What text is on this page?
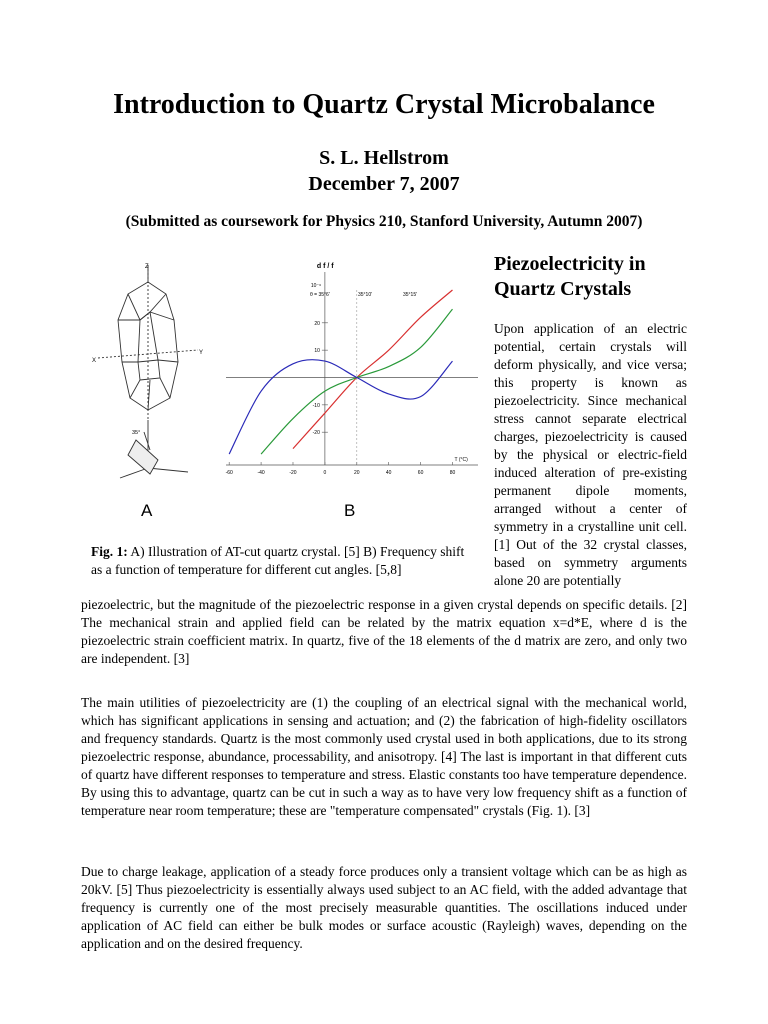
Introduction to Quartz Crystal Microbalance
S. L. Hellstrom
December 7, 2007
(Submitted as coursework for Physics 210, Stanford University, Autumn 2007)
Z
X
Y
35°
A	B
d f / f
10⁻⁶
T (°C)
-60	-40	-20	0	20	40	60	80
20
10
-10
-20
θ = 35°6'	35°10'	35°15'
Fig. 1: A) Illustration of AT-cut quartz crystal. [5] B) Frequency shift as a function of temperature for different cut angles. [5,8]
Piezoelectricity in Quartz Crystals
Upon application of an electric potential, certain crystals will deform physically, and vice versa; this property is known as piezoelectricity. Since mechanical stress cannot separate electrical charges, piezoelectricity is caused by the physical or electric-field induced alteration of pre-existing permanent dipole moments, arranged without a center of symmetry in a crystalline unit cell. [1] Out of the 32 crystal classes, based on symmetry arguments alone 20 are potentially

piezoelectric, but the magnitude of the piezoelectric response in a given crystal depends on specific details. [2] The mechanical strain and applied field can be related by the matrix equation x=d*E, where d is the piezoelectric strain coefficient matrix. In quartz, five of the 18 elements of the d matrix are zero, and only two are independent. [3]

The main utilities of piezoelectricity are (1) the coupling of an electrical signal with the mechanical world, which has significant applications in sensing and actuation; and (2) the fabrication of high-fidelity oscillators and frequency standards. Quartz is the most commonly used crystal used in both applications, due to its strong piezoelectric response, abundance, processability, and anisotropy. [4] The last is important in that different cuts of quartz have different responses to temperature and stress. Elastic constants too have temperature dependence. By using this to advantage, quartz can be cut in such a way as to have very low frequency shift as a function of temperature near room temperature; these are "temperature compensated" crystals (Fig. 1). [3]

Due to charge leakage, application of a steady force produces only a transient voltage which can be as high as 20kV. [5] Thus piezoelectricity is essentially always used subject to an AC field, with the added advantage that frequency is currently one of the most precisely measurable quantities. The oscillations induced under application of AC field can either be bulk modes or surface acoustic (Rayleigh) waves, depending on the application and on the desired frequency.
